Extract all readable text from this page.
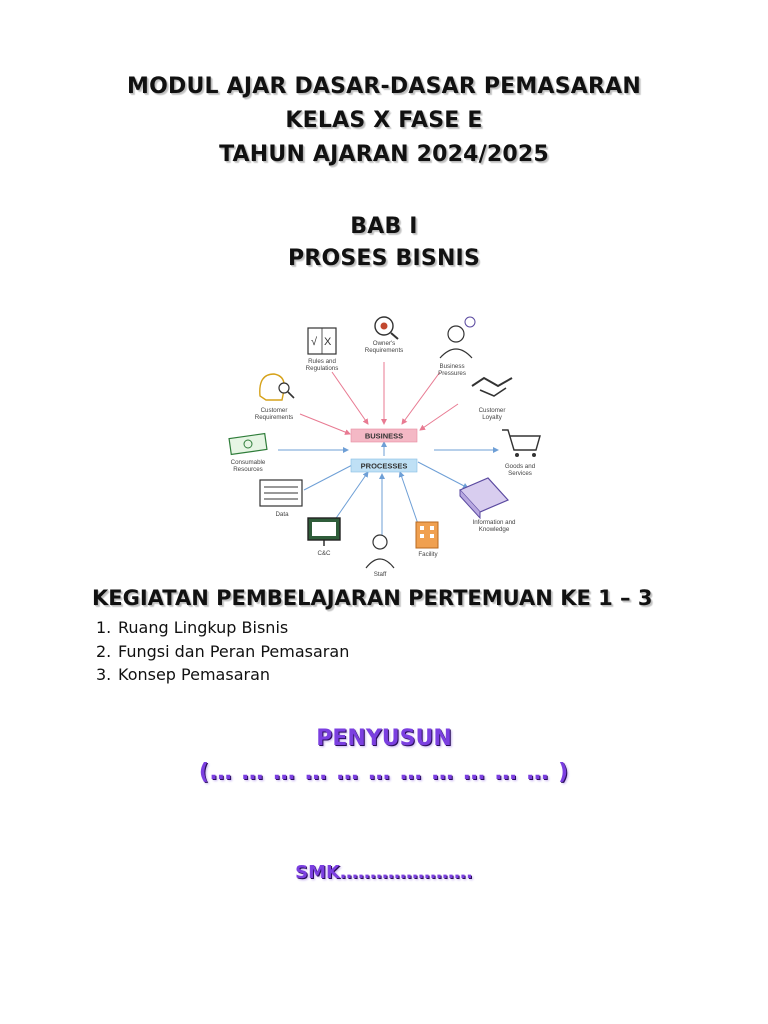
MODUL AJAR DASAR-DASAR PEMASARAN
KELAS X FASE E
TAHUN AJARAN 2024/2025
BAB I
PROSES BISNIS
BUSINESS
PROCESSES
Owner's
Requirements
√ X
Rules and
Regulations	Business
Pressures
Customer
Requirements
Customer
Loyalty
Consumable
Resources	Goods and
Services
Data
Information and
Knowledge
C&C	Facility
Staff
KEGIATAN PEMBELAJARAN PERTEMUAN KE 1 – 3
1. Ruang Lingkup Bisnis
2. Fungsi dan Peran Pemasaran
3. Konsep Pemasaran
PENYUSUN
(… … … … … … … … … … … )
SMK………………….
